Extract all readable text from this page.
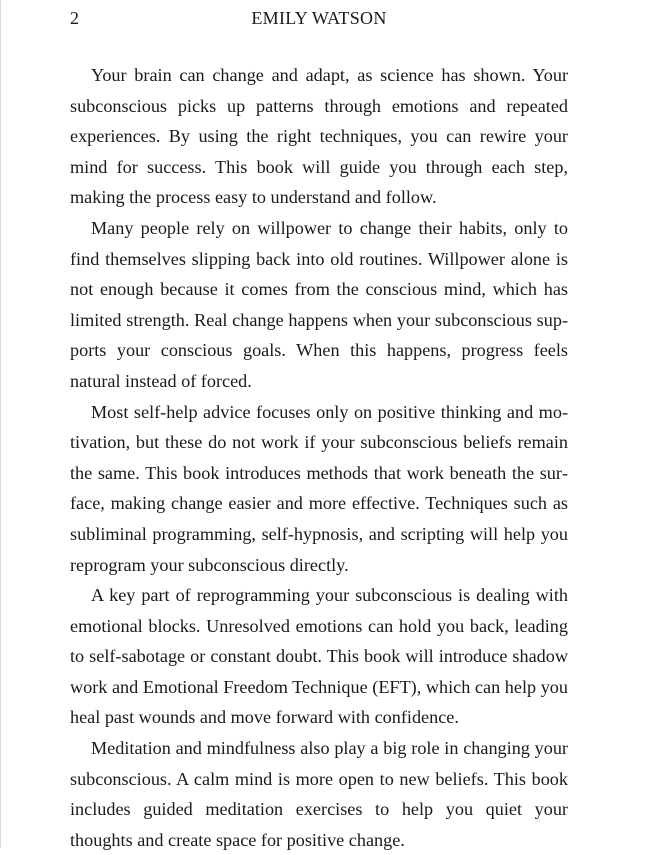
2	EMILY WATSON

Your brain can change and adapt, as science has shown. Your subconscious picks up patterns through emotions and repeated experiences. By using the right techniques, you can rewire your mind for success. This book will guide you through each step, making the process easy to understand and follow.

Many people rely on willpower to change their habits, only to find themselves slipping back into old routines. Willpower alone is not enough because it comes from the conscious mind, which has limited strength. Real change happens when your subconscious supports your conscious goals. When this happens, progress feels natural instead of forced.

Most self-help advice focuses only on positive thinking and motivation, but these do not work if your subconscious beliefs remain the same. This book introduces methods that work beneath the surface, making change easier and more effective. Techniques such as subliminal programming, self-hypnosis, and scripting will help you reprogram your subconscious directly.

A key part of reprogramming your subconscious is dealing with emotional blocks. Unresolved emotions can hold you back, leading to self-sabotage or constant doubt. This book will introduce shadow work and Emotional Freedom Technique (EFT), which can help you heal past wounds and move forward with confidence.

Meditation and mindfulness also play a big role in changing your subconscious. A calm mind is more open to new beliefs. This book includes guided meditation exercises to help you quiet your thoughts and create space for positive change.
